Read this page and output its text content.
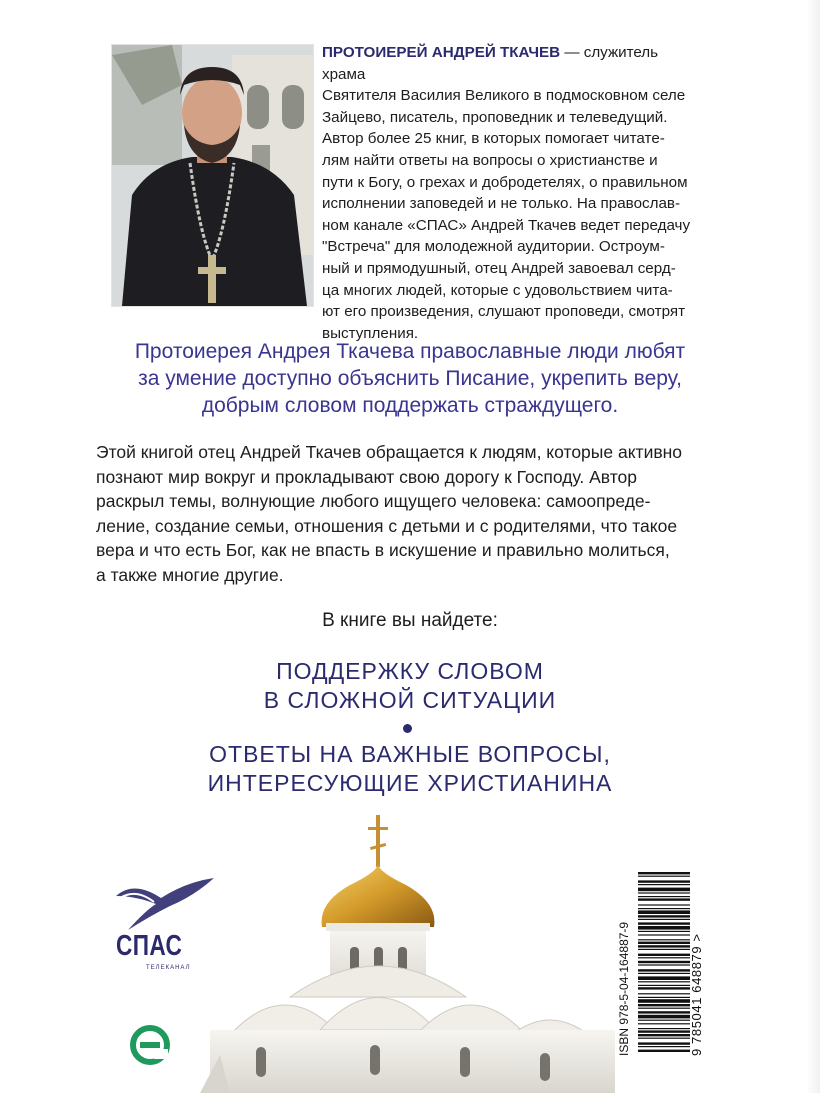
ПРОТОИЕРЕЙ АНДРЕЙ ТКАЧЕВ — служитель храма
Святителя Василия Великого в подмосковном селе
Зайцево, писатель, проповедник и телеведущий.
Автор более 25 книг, в которых помогает читате-
лям найти ответы на вопросы о христианстве и
пути к Богу, о грехах и добродетелях, о правильном
исполнении заповедей и не только. На православ-
ном канале «СПАС» Андрей Ткачев ведет передачу
"Встреча" для молодежной аудитории. Остроум-
ный и прямодушный, отец Андрей завоевал серд-
ца многих людей, которые с удовольствием чита-
ют его произведения, слушают проповеди, смотрят
выступления.
Протоиерея Андрея Ткачева православные люди любят
за умение доступно объяснить Писание, укрепить веру,
добрым словом поддержать страждущего.
Этой книгой отец Андрей Ткачев обращается к людям, которые активно
познают мир вокруг и прокладывают свою дорогу к Господу. Автор
раскрыл темы, волнующие любого ищущего человека: самоопреде-
ление, создание семьи, отношения с детьми и с родителями, что такое
вера и что есть Бог, как не впасть в искушение и правильно молиться,
а также многие другие.
В книге вы найдете:
ПОДДЕРЖКУ СЛОВОМ
В СЛОЖНОЙ СИТУАЦИИ
ОТВЕТЫ НА ВАЖНЫЕ ВОПРОСЫ,
ИНТЕРЕСУЮЩИЕ ХРИСТИАНИНА
СПАС
ТЕЛЕКАНАЛ	ISBN 978-5-04-164887-9	9 785041 648879 >
